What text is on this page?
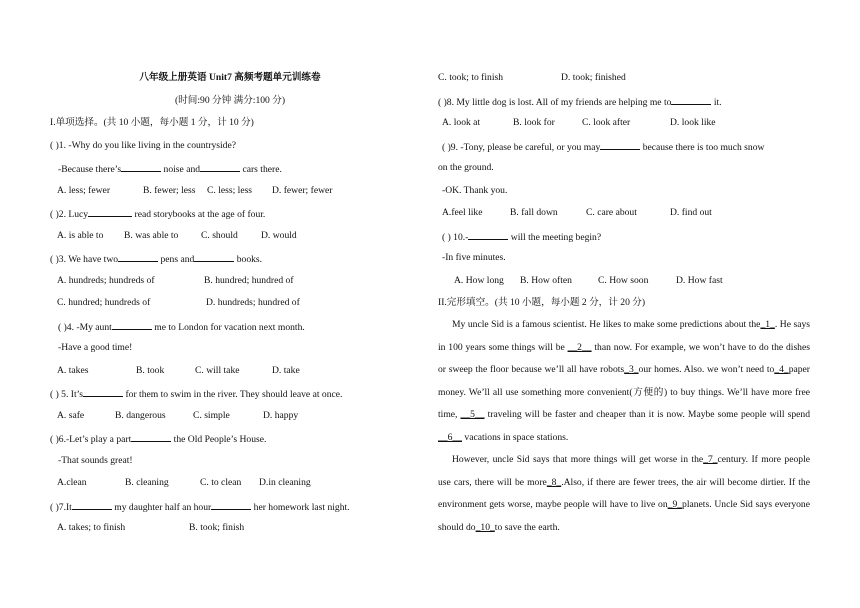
八年级上册英语 Unit7 高频考题单元训练卷
(时间:90 分钟 满分:100 分)
I.单项选择。(共 10 小题，每小题 1 分，计 10 分)
( )1. -Why do you like living in the countryside?
-Because there’s	noise and	cars there.
A. less; fewer	B. fewer; less C. less; less D. fewer; fewer
( )2. Lucy	read storybooks at the age of four.
A. is able to B. was able to C. should D. would
( )3. We have two	pens and	books.
A. hundreds; hundreds of	B. hundred; hundred of
C. hundred; hundreds of	D. hundreds; hundred of
( )4. -My aunt	me to London for vacation next month.
-Have a good time!
A. takes	B. took	C. will take	D. take
( ) 5. It’s	for them to swim in the river. They should leave at once.
A. safe	B. dangerous	C. simple	D. happy
( )6.-Let’s play a part	the Old People’s House.
-That sounds great!
A.clean	B. cleaning	C. to clean D.in cleaning
( )7.It	my daughter half an hour	her homework last night.
A. takes; to finish	B. took; finish
C. took; to finish	D. took; finished
( )8. My little dog is lost. All of my friends are helping me to	it.
A. look at	B. look for	C. look after	D. look like
( )9. -Tony, please be careful, or you may	because there is too much snow
on the ground.
-OK. Thank you.
A.feel like	B. fall down	C. care about	D. find out
( ) 10.-	will the meeting begin?
-In five minutes.
A. How long B. How often	C. How soon	D. How fast
II.完形填空。(共 10 小题，每小题 2 分，计 20 分)
My uncle Sid is a famous scientist. He likes to make some predictions about the_1_. He says in 100 years some things will be __2__ than now. For example, we won’t have to do the dishes or sweep the floor because we’ll all have robots_3_our homes. Also. we won’t need to_4_paper money. We’ll all use something more convenient(方便的) to buy things. We’ll have more free time, __5__ traveling will be faster and cheaper than it is now. Maybe some people will spend __6__ vacations in space stations.
However, uncle Sid says that more things will get worse in the_7_century. If more people use cars, there will be more_8_.Also, if there are fewer trees, the air will become dirtier. If the environment gets worse, maybe people will have to live on_9_planets. Uncle Sid says everyone should do_10_to save the earth.
